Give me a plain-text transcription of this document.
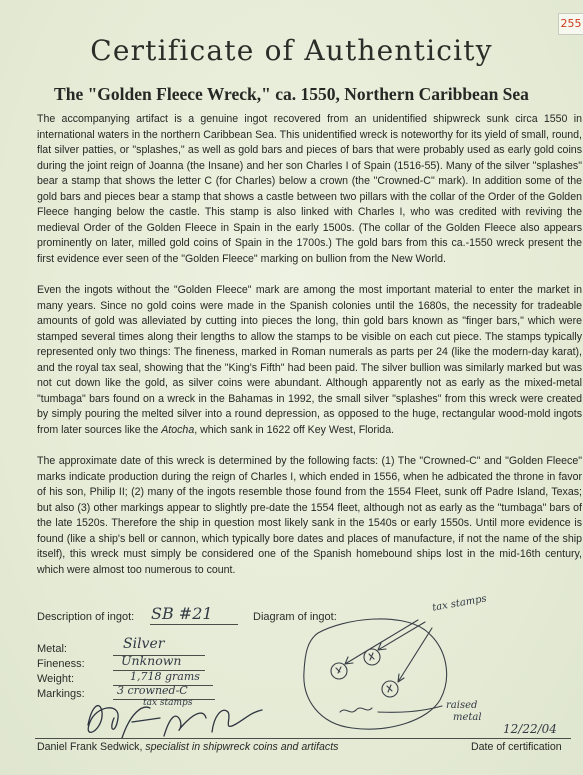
255
Certificate of Authenticity
The "Golden Fleece Wreck," ca. 1550, Northern Caribbean Sea

The accompanying artifact is a genuine ingot recovered from an unidentified shipwreck sunk circa 1550 in international waters in the northern Caribbean Sea. This unidentified wreck is noteworthy for its yield of small, round, flat silver patties, or "splashes," as well as gold bars and pieces of bars that were probably used as early gold coins during the joint reign of Joanna (the Insane) and her son Charles I of Spain (1516-55). Many of the silver "splashes" bear a stamp that shows the letter C (for Charles) below a crown (the "Crowned-C" mark). In addition some of the gold bars and pieces bear a stamp that shows a castle between two pillars with the collar of the Order of the Golden Fleece hanging below the castle. This stamp is also linked with Charles I, who was credited with reviving the medieval Order of the Golden Fleece in Spain in the early 1500s. (The collar of the Golden Fleece also appears prominently on later, milled gold coins of Spain in the 1700s.) The gold bars from this ca.-1550 wreck present the first evidence ever seen of the "Golden Fleece" marking on bullion from the New World.

Even the ingots without the "Golden Fleece" mark are among the most important material to enter the market in many years. Since no gold coins were made in the Spanish colonies until the 1680s, the necessity for tradeable amounts of gold was alleviated by cutting into pieces the long, thin gold bars known as "finger bars," which were stamped several times along their lengths to allow the stamps to be visible on each cut piece. The stamps typically represented only two things: The fineness, marked in Roman numerals as parts per 24 (like the modern-day karat), and the royal tax seal, showing that the "King's Fifth" had been paid. The silver bullion was similarly marked but was not cut down like the gold, as silver coins were abundant. Although apparently not as early as the mixed-metal "tumbaga" bars found on a wreck in the Bahamas in 1992, the small silver "splashes" from this wreck were created by simply pouring the melted silver into a round depression, as opposed to the huge, rectangular wood-mold ingots from later sources like the Atocha, which sank in 1622 off Key West, Florida.

The approximate date of this wreck is determined by the following facts: (1) The "Crowned-C" and "Golden Fleece" marks indicate production during the reign of Charles I, which ended in 1556, when he adbicated the throne in favor of his son, Philip II; (2) many of the ingots resemble those found from the 1554 Fleet, sunk off Padre Island, Texas; but also (3) other markings appear to slightly pre-date the 1554 fleet, although not as early as the "tumbaga" bars of the late 1520s. Therefore the ship in question most likely sank in the 1540s or early 1550s. Until more evidence is found (like a ship's bell or cannon, which typically bore dates and places of manufacture, if not the name of the ship itself), this wreck must simply be considered one of the Spanish homebound ships lost in the mid-16th century, which were almost too numerous to count.

Description of ingot: SB #21	Diagram of ingot:
Metal:	Silver
Fineness:	Unknown
Weight:	1,718 grams
Markings:	3 crowned-C
tax stamps
tax stamps
raised
metal
Daniel Frank Sedwick, specialist in shipwreck coins and artifacts
12/22/04
Date of certification
